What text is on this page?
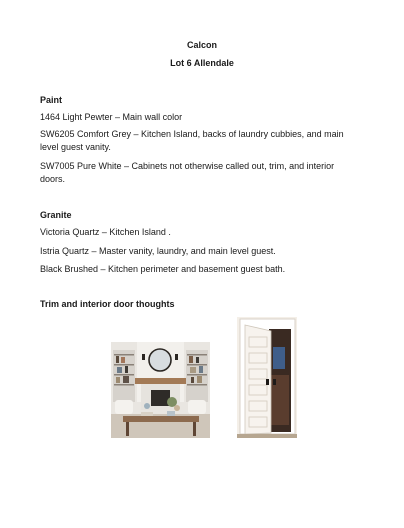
Calcon
Lot 6 Allendale
Paint
1464 Light Pewter – Main wall color
SW6205 Comfort Grey – Kitchen Island, backs of laundry cubbies, and main level guest vanity.
SW7005 Pure White – Cabinets not otherwise called out, trim, and interior doors.
Granite
Victoria Quartz – Kitchen Island .
Istria Quartz – Master vanity, laundry, and main level guest.
Black Brushed – Kitchen perimeter and basement guest bath.
Trim and interior door thoughts
